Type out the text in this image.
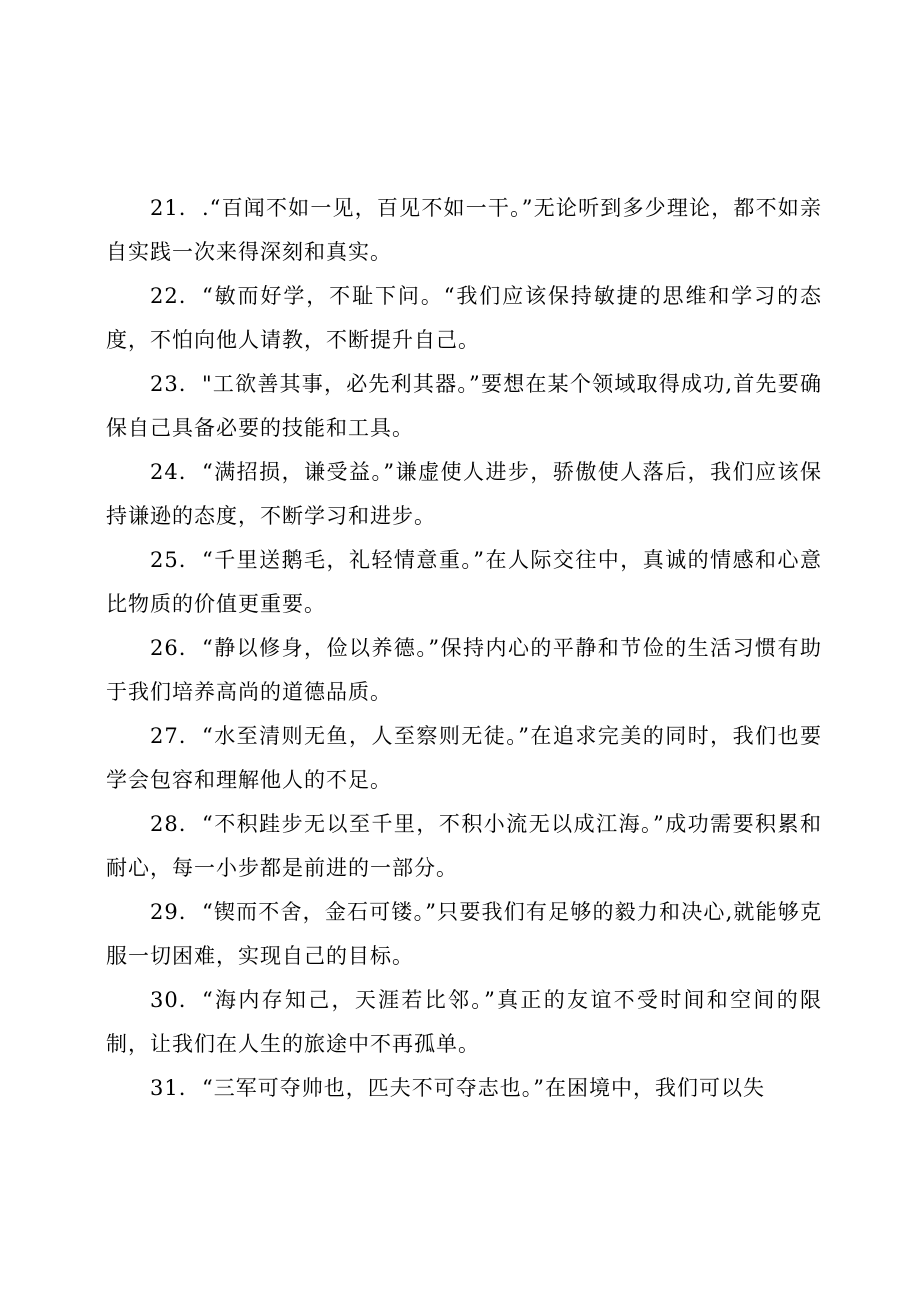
21. .“百闻不如一见，百见不如一干。”无论听到多少理论，都不如亲自实践一次来得深刻和真实。

22. “敏而好学，不耻下问。“我们应该保持敏捷的思维和学习的态度，不怕向他人请教，不断提升自己。

23. "工欲善其事，必先利其器。”要想在某个领域取得成功,首先要确保自己具备必要的技能和工具。

24. “满招损，谦受益。”谦虚使人进步，骄傲使人落后，我们应该保持谦逊的态度，不断学习和进步。

25. “千里送鹅毛，礼轻情意重。”在人际交往中，真诚的情感和心意比物质的价值更重要。

26. “静以修身，俭以养德。”保持内心的平静和节俭的生活习惯有助于我们培养高尚的道德品质。

27. “水至清则无鱼，人至察则无徒。”在追求完美的同时，我们也要学会包容和理解他人的不足。

28. “不积跬步无以至千里，不积小流无以成江海。”成功需要积累和耐心，每一小步都是前进的一部分。

29. “锲而不舍，金石可镂。”只要我们有足够的毅力和决心,就能够克服一切困难，实现自己的目标。

30. “海内存知己，天涯若比邻。”真正的友谊不受时间和空间的限制，让我们在人生的旅途中不再孤单。

31. “三军可夺帅也，匹夫不可夺志也。”在困境中，我们可以失
